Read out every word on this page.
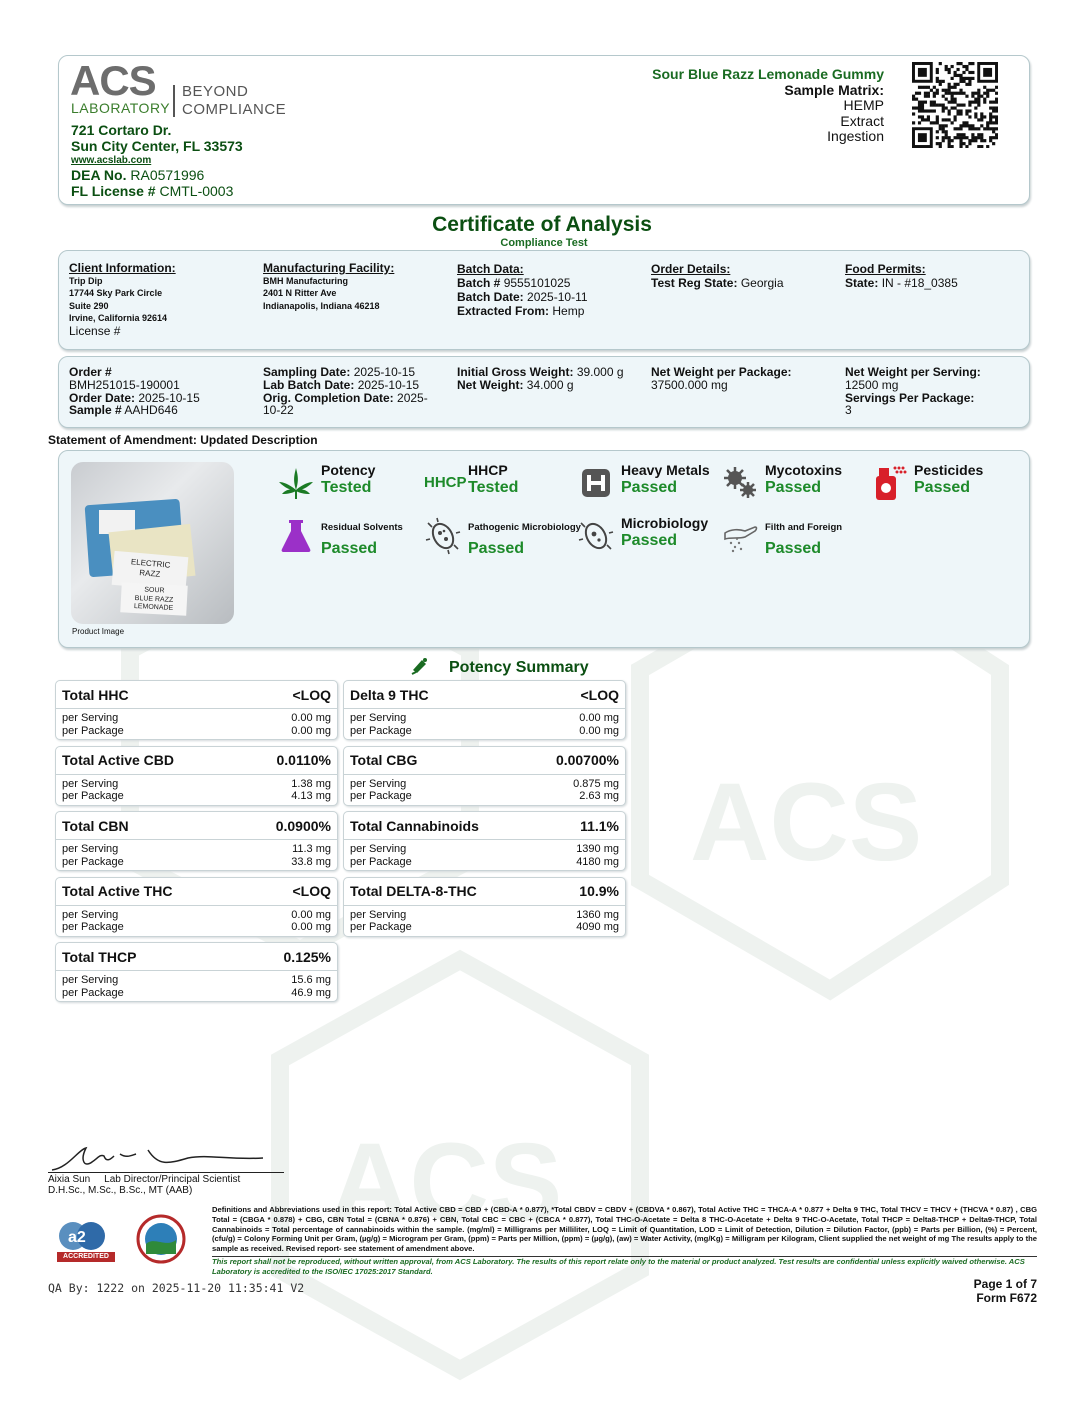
ACS
ACS
ACS
LABORATORY
BEYOND
COMPLIANCE
721 Cortaro Dr.
Sun City Center, FL 33573
www.acslab.com
DEA No. RA0571996
FL License # CMTL-0003
Sour Blue Razz Lemonade Gummy
Sample Matrix:
HEMP
Extract
Ingestion
Certificate of Analysis
Compliance Test
Client Information:
Trip Dip
17744 Sky Park Circle
Suite 290
Irvine, California 92614
License #
Manufacturing Facility:
BMH Manufacturing
2401 N Ritter Ave
Indianapolis, Indiana 46218
Batch Data:
Batch # 9555101025
Batch Date: 2025-10-11
Extracted From: Hemp
Order Details:
Test Reg State: Georgia
Food Permits:
State: IN - #18_0385
Order #
BMH251015-190001
Order Date: 2025-10-15
Sample # AAHD646
Sampling Date: 2025-10-15
Lab Batch Date: 2025-10-15
Orig. Completion Date: 2025-
10-22
Initial Gross Weight: 39.000 g
Net Weight: 34.000 g
Net Weight per Package:
37500.000 mg
Net Weight per Serving:
12500 mg
Servings Per Package:
3
Statement of Amendment: Updated Description
ELECTRIC
RAZZ
SOUR
BLUE RAZZ
LEMONADE
Product Image
Potency
Tested	HHCP
HHCP
Tested
Heavy Metals
Passed
Mycotoxins
Passed
Pesticides
Passed
Residual Solvents
Passed
Pathogenic Microbiology
Passed
Microbiology
Passed
Filth and Foreign
Passed
Potency Summary
Total HHC	<LOQ
per Serving	0.00 mg
per Package	0.00 mg
Delta 9 THC	<LOQ
per Serving	0.00 mg
per Package	0.00 mg
Total Active CBD	0.0110%
per Serving	1.38 mg
per Package	4.13 mg
Total CBG	0.00700%
per Serving	0.875 mg
per Package	2.63 mg
Total CBN	0.0900%
per Serving	11.3 mg
per Package	33.8 mg
Total Cannabinoids	11.1%
per Serving	1390 mg
per Package	4180 mg
Total Active THC	<LOQ
per Serving	0.00 mg
per Package	0.00 mg
Total DELTA-8-THC	10.9%
per Serving	1360 mg
per Package	4090 mg
Total THCP	0.125%
per Serving	15.6 mg
per Package	46.9 mg
Aixia Sun Lab Director/Principal Scientist
D.H.Sc., M.Sc., B.Sc., MT (AAB)
a2
ACCREDITED
Definitions and Abbreviations used in this report: Total Active CBD = CBD + (CBD-A * 0.877), *Total CBDV = CBDV + (CBDVA * 0.867), Total Active THC = THCA-A * 0.877 + Delta 9 THC, Total THCV = THCV + (THCVA * 0.87) , CBG Total = (CBGA * 0.878) + CBG, CBN Total = (CBNA * 0.876) + CBN, Total CBC = CBC + (CBCA * 0.877), Total THC-O-Acetate = Delta 8 THC-O-Acetate + Delta 9 THC-O-Acetate, Total THCP = Delta8-THCP + Delta9-THCP, Total Cannabinoids = Total percentage of cannabinoids within the sample. (mg/ml) = Milligrams per Milliliter, LOQ = Limit of Quantitation, LOD = Limit of Detection, Dilution = Dilution Factor, (ppb) = Parts per Billion, (%) = Percent, (cfu/g) = Colony Forming Unit per Gram, (µg/g) = Microgram per Gram, (ppm) = Parts per Million, (ppm) = (µg/g), (aw) = Water Activity, (mg/Kg) = Milligram per Kilogram, Client supplied the net weight of mg The results apply to the sample as received. Revised report- see statement of amendment above.
This report shall not be reproduced, without written approval, from ACS Laboratory. The results of this report relate only to the material or product analyzed. Test results are confidential unless explicitly waived otherwise. ACS Laboratory is accredited to the ISO/IEC 17025:2017 Standard.
QA By: 1222 on 2025-11-20 11:35:41 V2	Page 1 of 7
Form F672
